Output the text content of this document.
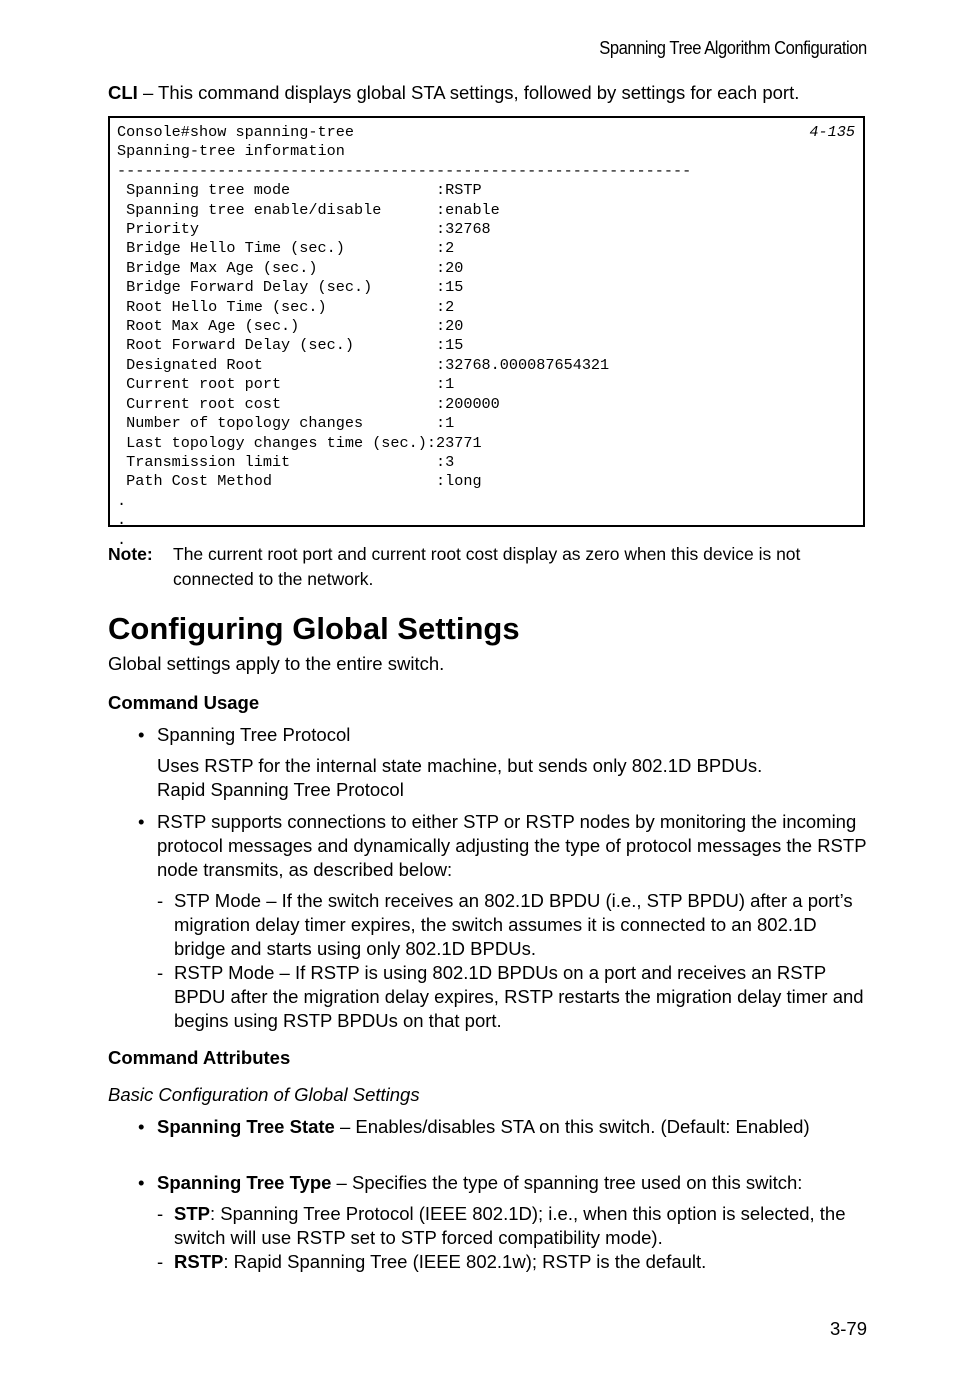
Spanning Tree Algorithm Configuration
CLI – This command displays global STA settings, followed by settings for each port.
Console#show spanning-tree
Spanning-tree information
---------------------------------------------------------------
Spanning tree mode                :RSTP
Spanning tree enable/disable      :enable
Priority                          :32768
Bridge Hello Time (sec.)          :2
Bridge Max Age (sec.)             :20
Bridge Forward Delay (sec.)       :15
Root Hello Time (sec.)            :2
Root Max Age (sec.)               :20
Root Forward Delay (sec.)         :15
Designated Root                   :32768.000087654321
Current root port                 :1
Current root cost                 :200000
Number of topology changes        :1
Last topology changes time (sec.):23771
Transmission limit                :3
Path Cost Method                  :long
.
.
.
4-135
Note: The current root port and current root cost display as zero when this device is not connected to the network.
Configuring Global Settings
Global settings apply to the entire switch.
Command Usage
• Spanning Tree Protocol
Uses RSTP for the internal state machine, but sends only 802.1D BPDUs.
Rapid Spanning Tree Protocol
• RSTP supports connections to either STP or RSTP nodes by monitoring the incoming protocol messages and dynamically adjusting the type of protocol messages the RSTP node transmits, as described below:
- STP Mode – If the switch receives an 802.1D BPDU (i.e., STP BPDU) after a port’s migration delay timer expires, the switch assumes it is connected to an 802.1D bridge and starts using only 802.1D BPDUs.
- RSTP Mode – If RSTP is using 802.1D BPDUs on a port and receives an RSTP BPDU after the migration delay expires, RSTP restarts the migration delay timer and begins using RSTP BPDUs on that port.
Command Attributes
Basic Configuration of Global Settings
• Spanning Tree State – Enables/disables STA on this switch. (Default: Enabled)
• Spanning Tree Type – Specifies the type of spanning tree used on this switch:
- STP: Spanning Tree Protocol (IEEE 802.1D); i.e., when this option is selected, the switch will use RSTP set to STP forced compatibility mode).
- RSTP: Rapid Spanning Tree (IEEE 802.1w); RSTP is the default.
3-79
